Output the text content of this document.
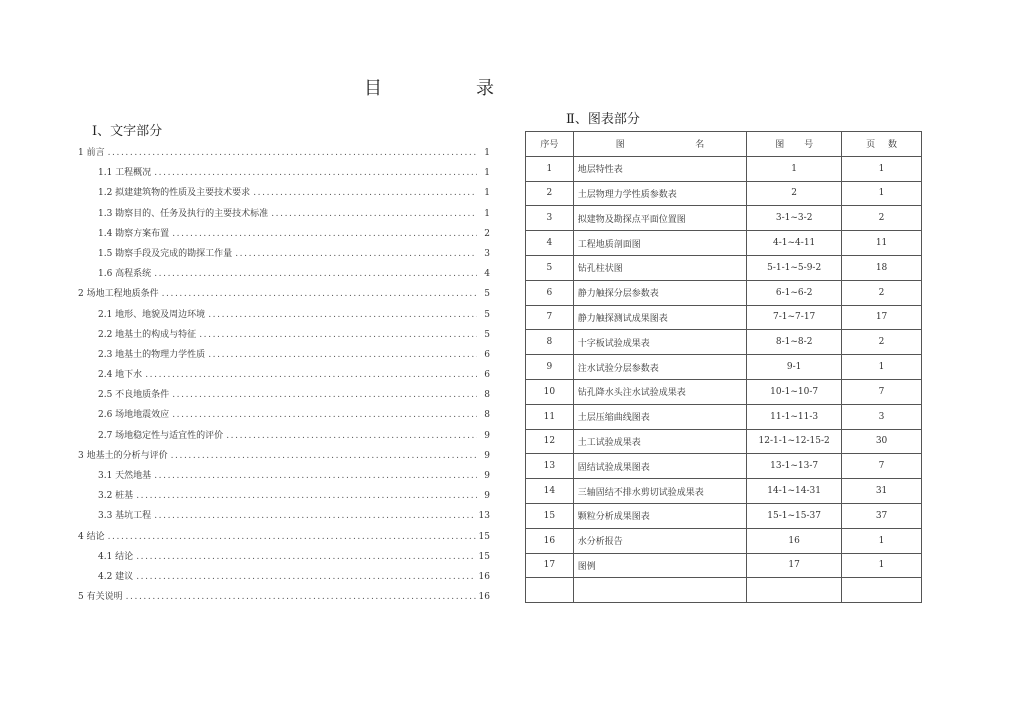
目	录
Ⅰ、文字部分
Ⅱ、图表部分
1 前言 .....	1
1.1 工程概况 .....	1
1.2 拟建建筑物的性质及主要技术要求 .....	1
1.3 勘察目的、任务及执行的主要技术标准 .....	1
1.4 勘察方案布置 .....	2
1.5 勘察手段及完成的勘探工作量 .....	3
1.6 高程系统 .....	4
2 场地工程地质条件 .....	5
2.1 地形、地貌及周边环境 .....	5
2.2 地基土的构成与特征 .....	5
2.3 地基土的物理力学性质 .....	6
2.4 地下水 .....	6
2.5 不良地质条件 .....	8
2.6 场地地震效应 .....	8
2.7 场地稳定性与适宜性的评价 .....	9
3 地基土的分析与评价 .....	9
3.1 天然地基 .....	9
3.2 桩基 .....	9
3.3 基坑工程 .....	13
4 结论 .....	15
4.1 结论 .....	15
4.2 建议 .....	16
5 有关说明 .....	16
序号	图 名	图 号	页 数

1	地层特性表	1	1
2	土层物理力学性质参数表	2	1
3	拟建物及勘探点平面位置图	3-1~3-2	2
4	工程地质剖面图	4-1~4-11	11
5	钻孔柱状图	5-1-1~5-9-2	18
6	静力触探分层参数表	6-1~6-2	2
7	静力触探测试成果图表	7-1~7-17	17
8	十字板试验成果表	8-1~8-2	2
9	注水试验分层参数表	9-1	1
10	钻孔降水头注水试验成果表	10-1~10-7	7
11	土层压缩曲线图表	11-1~11-3	3
12	土工试验成果表	12-1-1~12-15-2	30
13	固结试验成果图表	13-1~13-7	7
14	三轴固结不排水剪切试验成果表	14-1~14-31	31
15	颗粒分析成果图表	15-1~15-37	37
16	水分析报告	16	1
17	图例	17	1
